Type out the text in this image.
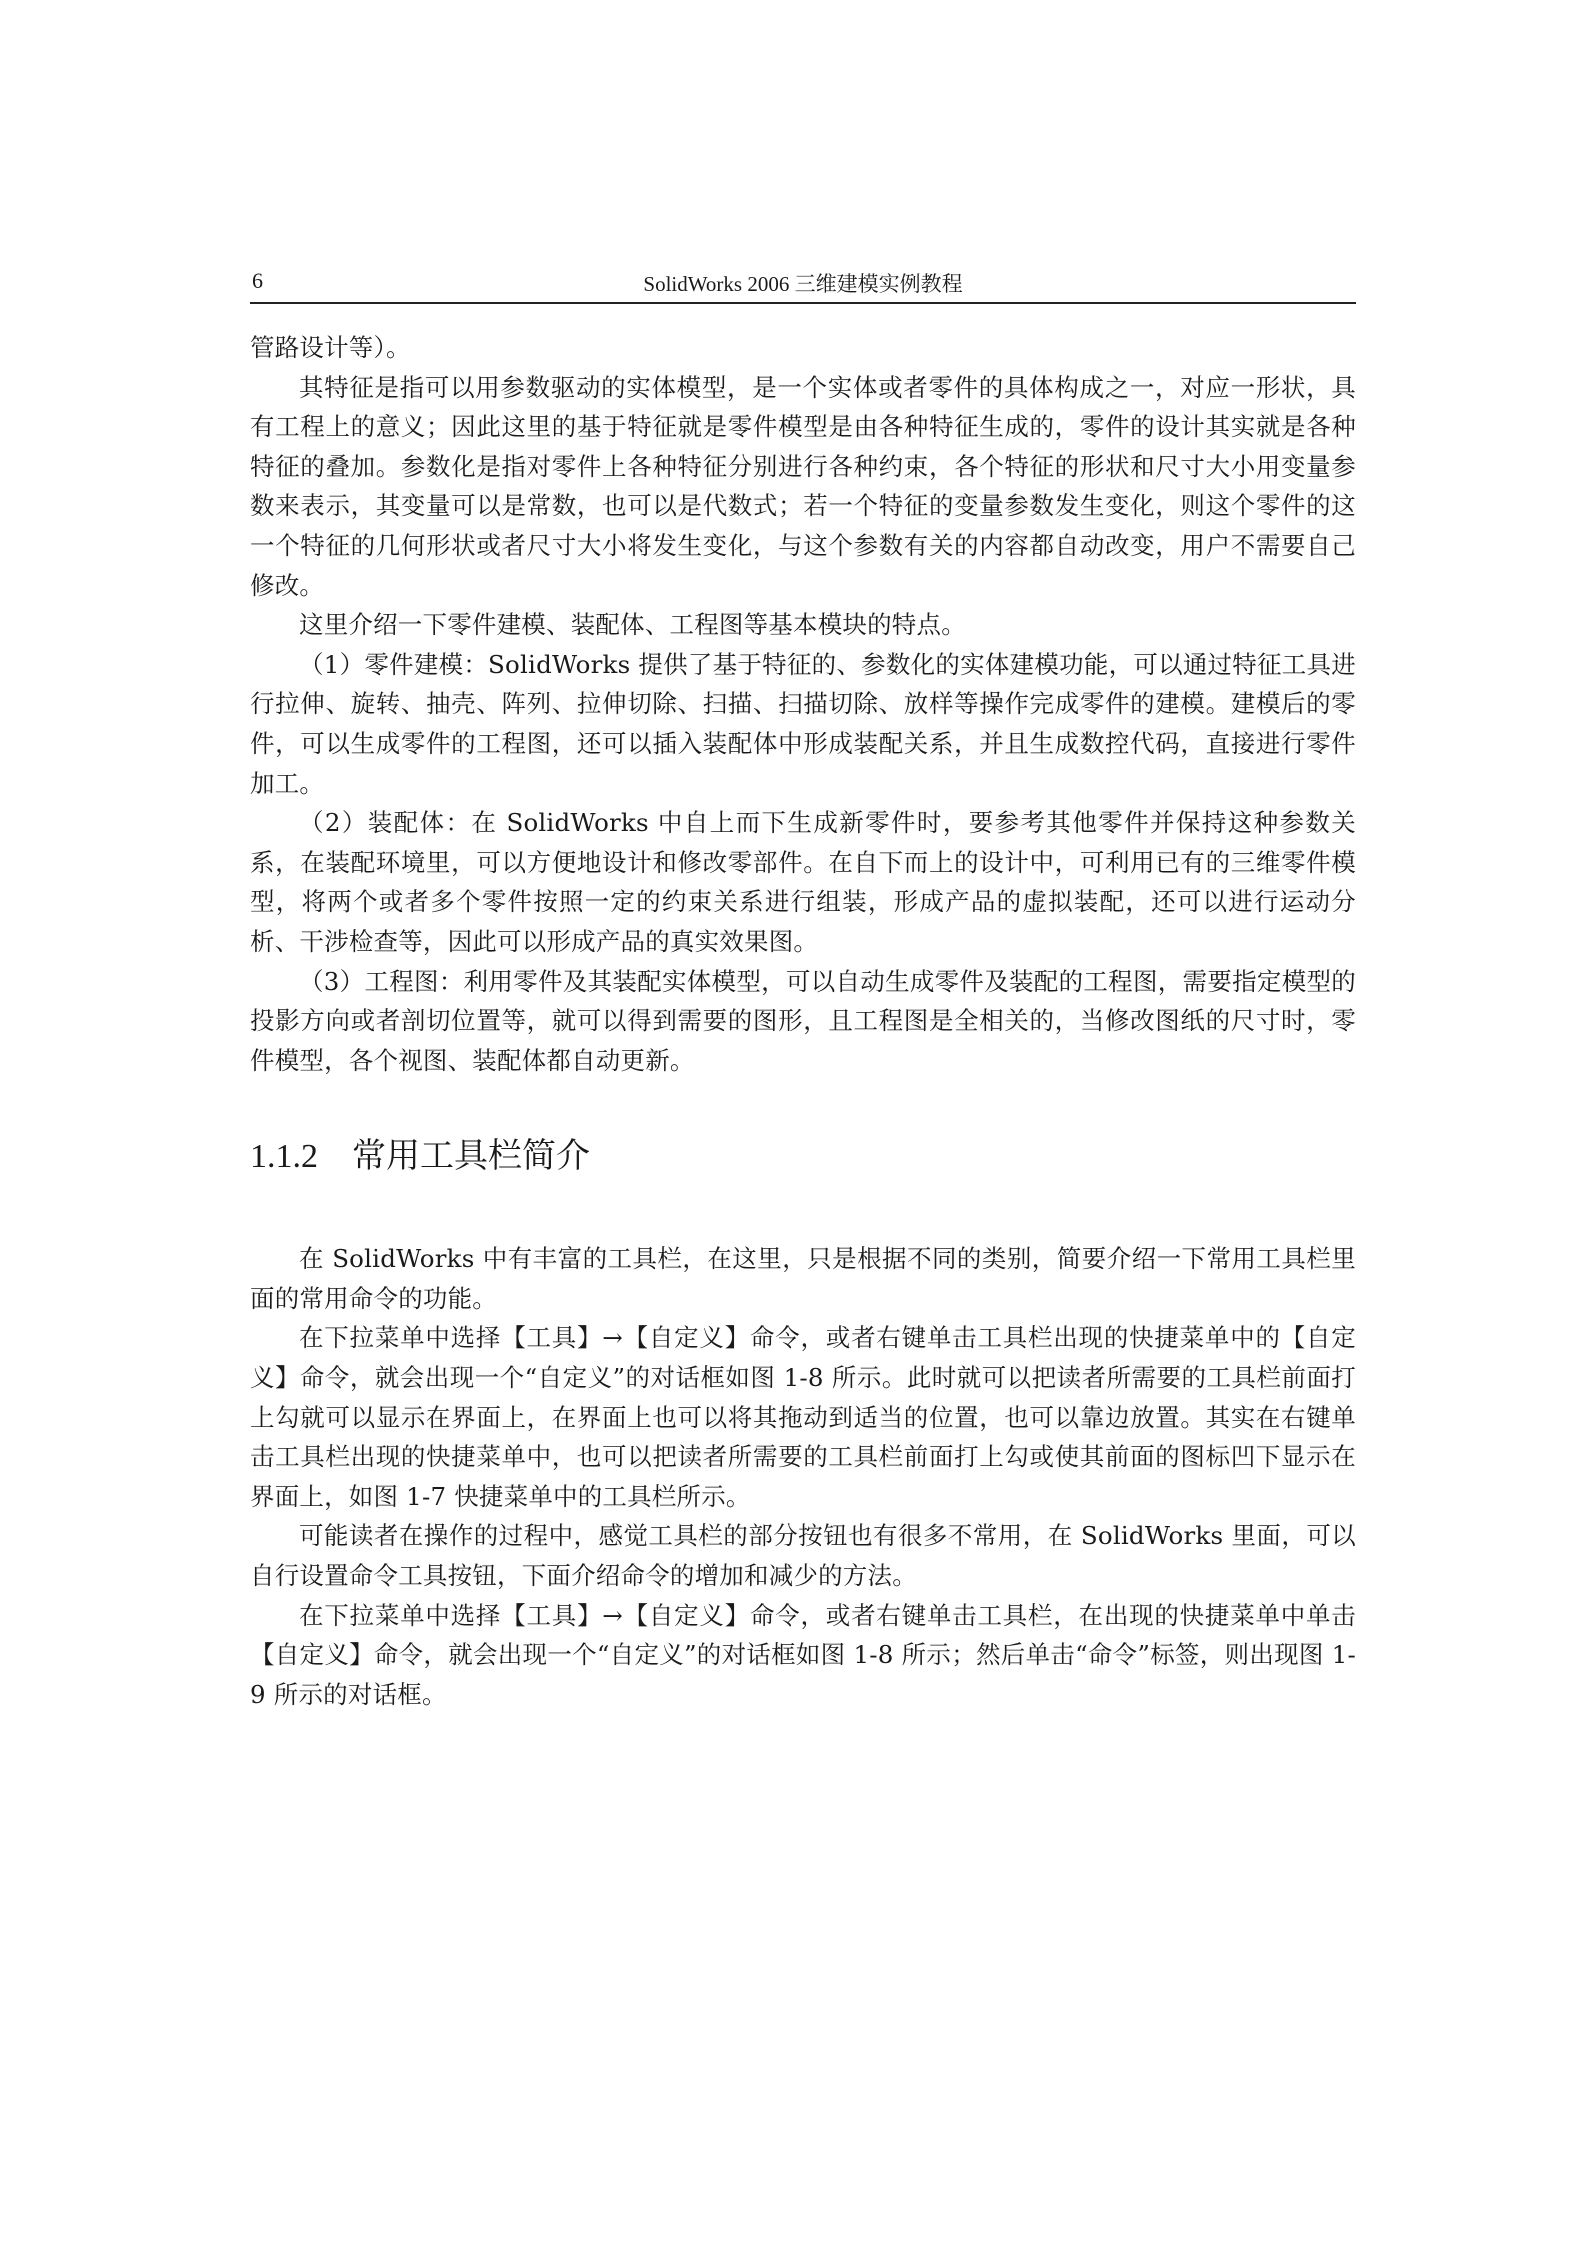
6	SolidWorks 2006 三维建模实例教程

管路设计等）。

其特征是指可以用参数驱动的实体模型，是一个实体或者零件的具体构成之一，对应一形状，具有工程上的意义；因此这里的基于特征就是零件模型是由各种特征生成的，零件的设计其实就是各种特征的叠加。参数化是指对零件上各种特征分别进行各种约束，各个特征的形状和尺寸大小用变量参数来表示，其变量可以是常数，也可以是代数式；若一个特征的变量参数发生变化，则这个零件的这一个特征的几何形状或者尺寸大小将发生变化，与这个参数有关的内容都自动改变，用户不需要自己修改。

这里介绍一下零件建模、装配体、工程图等基本模块的特点。

（1）零件建模：SolidWorks 提供了基于特征的、参数化的实体建模功能，可以通过特征工具进行拉伸、旋转、抽壳、阵列、拉伸切除、扫描、扫描切除、放样等操作完成零件的建模。建模后的零件，可以生成零件的工程图，还可以插入装配体中形成装配关系，并且生成数控代码，直接进行零件加工。

（2）装配体：在 SolidWorks 中自上而下生成新零件时，要参考其他零件并保持这种参数关系，在装配环境里，可以方便地设计和修改零部件。在自下而上的设计中，可利用已有的三维零件模型，将两个或者多个零件按照一定的约束关系进行组装，形成产品的虚拟装配，还可以进行运动分析、干涉检查等，因此可以形成产品的真实效果图。

（3）工程图：利用零件及其装配实体模型，可以自动生成零件及装配的工程图，需要指定模型的投影方向或者剖切位置等，就可以得到需要的图形，且工程图是全相关的，当修改图纸的尺寸时，零件模型，各个视图、装配体都自动更新。

1.1.2 常用工具栏简介

在 SolidWorks 中有丰富的工具栏，在这里，只是根据不同的类别，简要介绍一下常用工具栏里面的常用命令的功能。

在下拉菜单中选择【工具】→【自定义】命令，或者右键单击工具栏出现的快捷菜单中的【自定义】命令，就会出现一个“自定义”的对话框如图 1-8 所示。此时就可以把读者所需要的工具栏前面打上勾就可以显示在界面上，在界面上也可以将其拖动到适当的位置，也可以靠边放置。其实在右键单击工具栏出现的快捷菜单中，也可以把读者所需要的工具栏前面打上勾或使其前面的图标凹下显示在界面上，如图 1-7 快捷菜单中的工具栏所示。

可能读者在操作的过程中，感觉工具栏的部分按钮也有很多不常用，在 SolidWorks 里面，可以自行设置命令工具按钮，下面介绍命令的增加和减少的方法。

在下拉菜单中选择【工具】→【自定义】命令，或者右键单击工具栏，在出现的快捷菜单中单击【自定义】命令，就会出现一个“自定义”的对话框如图 1-8 所示；然后单击“命令”标签，则出现图 1-9 所示的对话框。
